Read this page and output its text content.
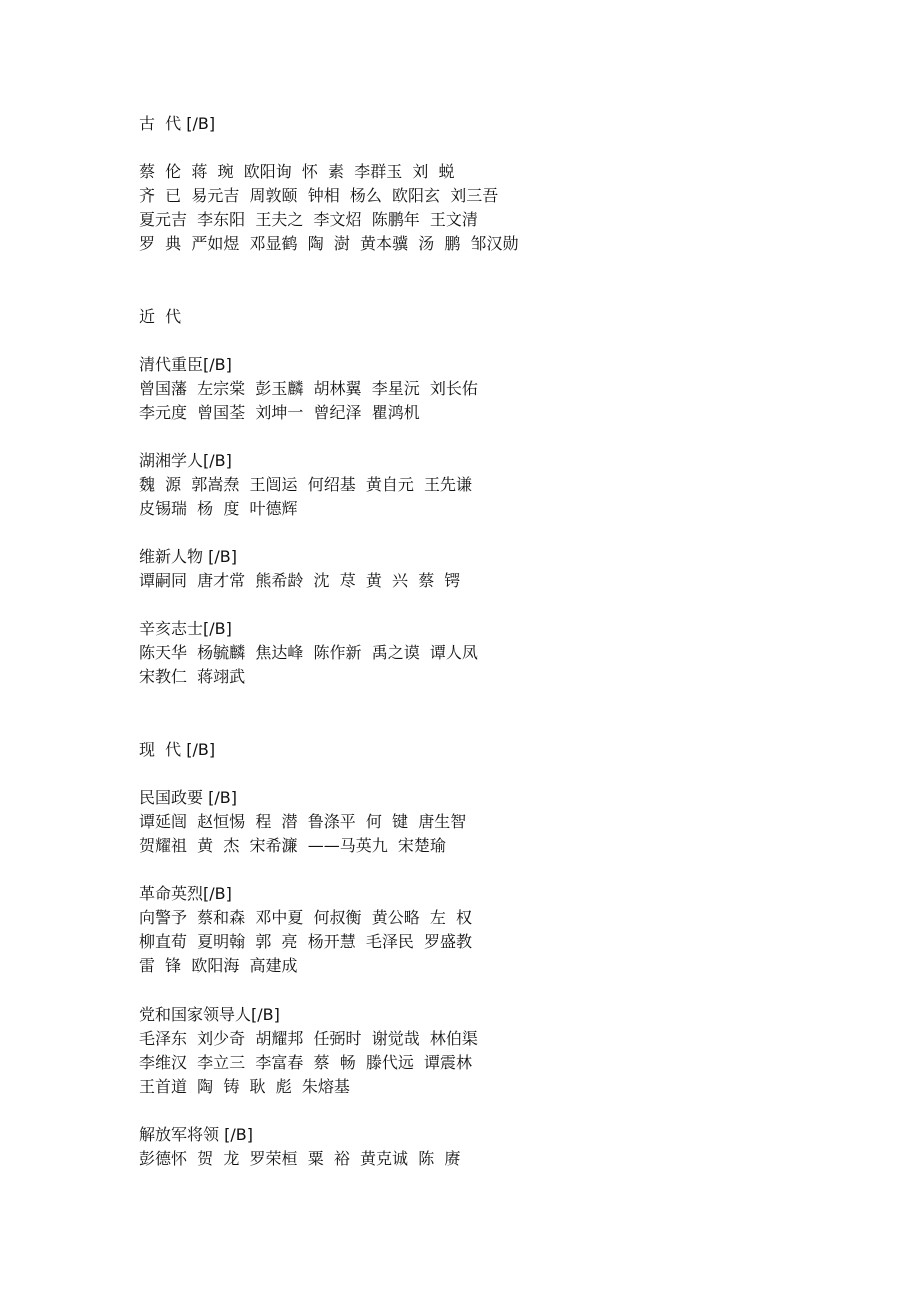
古  代 [/B]
蔡  伦  蒋  琬  欧阳询  怀  素  李群玉  刘  蜕
齐  已  易元吉  周敦颐  钟相  杨么  欧阳玄  刘三吾
夏元吉  李东阳  王夫之  李文炤  陈鹏年  王文清
罗  典  严如煜  邓显鹤  陶  澍  黄本骥  汤  鹏  邹汉勋
近  代
清代重臣[/B]
曾国藩  左宗棠  彭玉麟  胡林翼  李星沅  刘长佑
李元度  曾国荃  刘坤一  曾纪泽  瞿鸿机
湖湘学人[/B]
魏  源  郭嵩焘  王闿运  何绍基  黄自元  王先谦
皮锡瑞  杨  度  叶德辉
维新人物 [/B]
谭嗣同  唐才常  熊希龄  沈  荩  黄  兴  蔡  锷
辛亥志士[/B]
陈天华  杨毓麟  焦达峰  陈作新  禹之谟  谭人凤
宋教仁  蒋翊武
现  代 [/B]
民国政要 [/B]
谭延闿  赵恒惕  程  潜  鲁涤平  何  键  唐生智
贺耀祖  黄  杰  宋希濂  ——马英九  宋楚瑜
革命英烈[/B]
向警予  蔡和森  邓中夏  何叔衡  黄公略  左  权
柳直荀  夏明翰  郭  亮  杨开慧  毛泽民  罗盛教
雷  锋  欧阳海  高建成
党和国家领导人[/B]
毛泽东  刘少奇  胡耀邦  任弼时  谢觉哉  林伯渠
李维汉  李立三  李富春  蔡  畅  滕代远  谭震林
王首道  陶  铸  耿  彪  朱熔基
解放军将领 [/B]
彭德怀  贺  龙  罗荣桓  粟  裕  黄克诚  陈  赓
